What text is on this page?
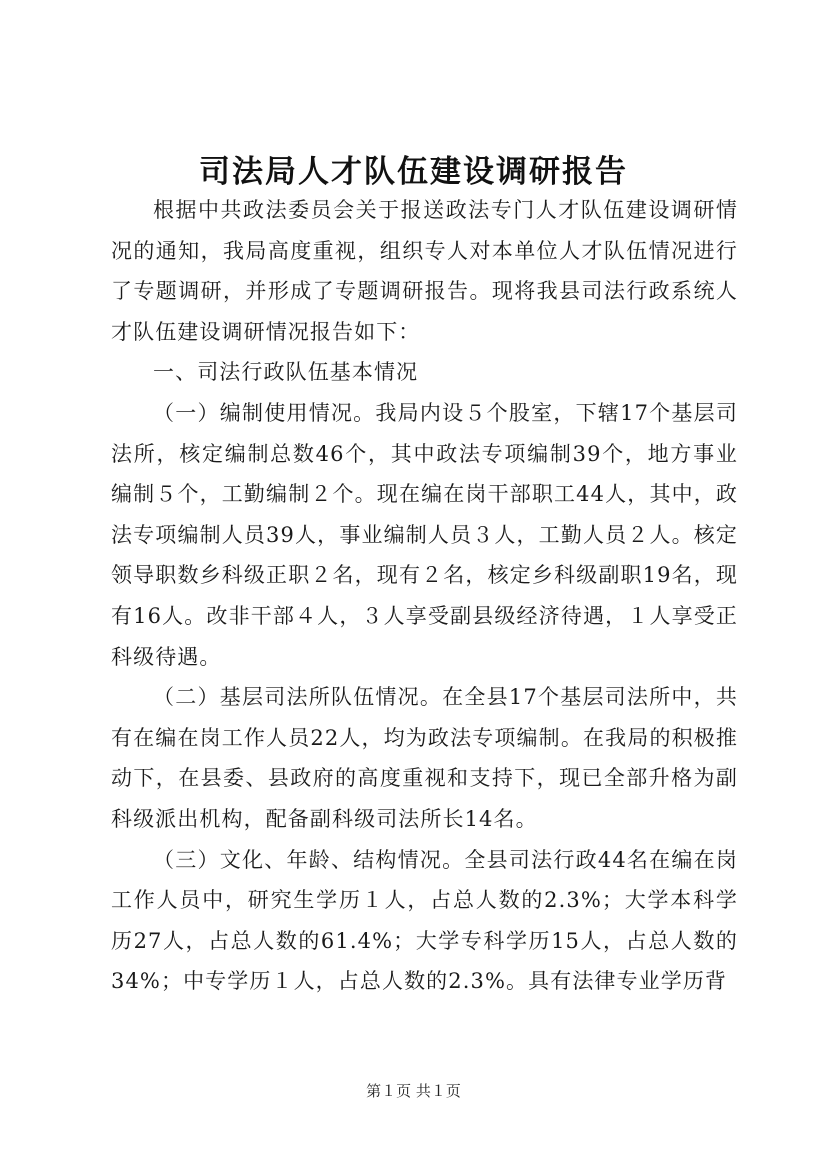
司法局人才队伍建设调研报告

根据中共政法委员会关于报送政法专门人才队伍建设调研情况的通知，我局高度重视，组织专人对本单位人才队伍情况进行了专题调研，并形成了专题调研报告。现将我县司法行政系统人才队伍建设调研情况报告如下：

一、司法行政队伍基本情况

（一）编制使用情况。我局内设５个股室，下辖17个基层司法所，核定编制总数46个，其中政法专项编制39个，地方事业编制５个，工勤编制２个。现在编在岗干部职工44人，其中，政法专项编制人员39人，事业编制人员３人，工勤人员２人。核定领导职数乡科级正职２名，现有２名，核定乡科级副职19名，现有16人。改非干部４人，３人享受副县级经济待遇，１人享受正科级待遇。

（二）基层司法所队伍情况。在全县17个基层司法所中，共有在编在岗工作人员22人，均为政法专项编制。在我局的积极推动下，在县委、县政府的高度重视和支持下，现已全部升格为副科级派出机构，配备副科级司法所长14名。

（三）文化、年龄、结构情况。全县司法行政44名在编在岗工作人员中，研究生学历１人，占总人数的2.3%；大学本科学历27人，占总人数的61.4%；大学专科学历15人，占总人数的34%；中专学历１人，占总人数的2.3%。具有法律专业学历背

第１页 共１页
